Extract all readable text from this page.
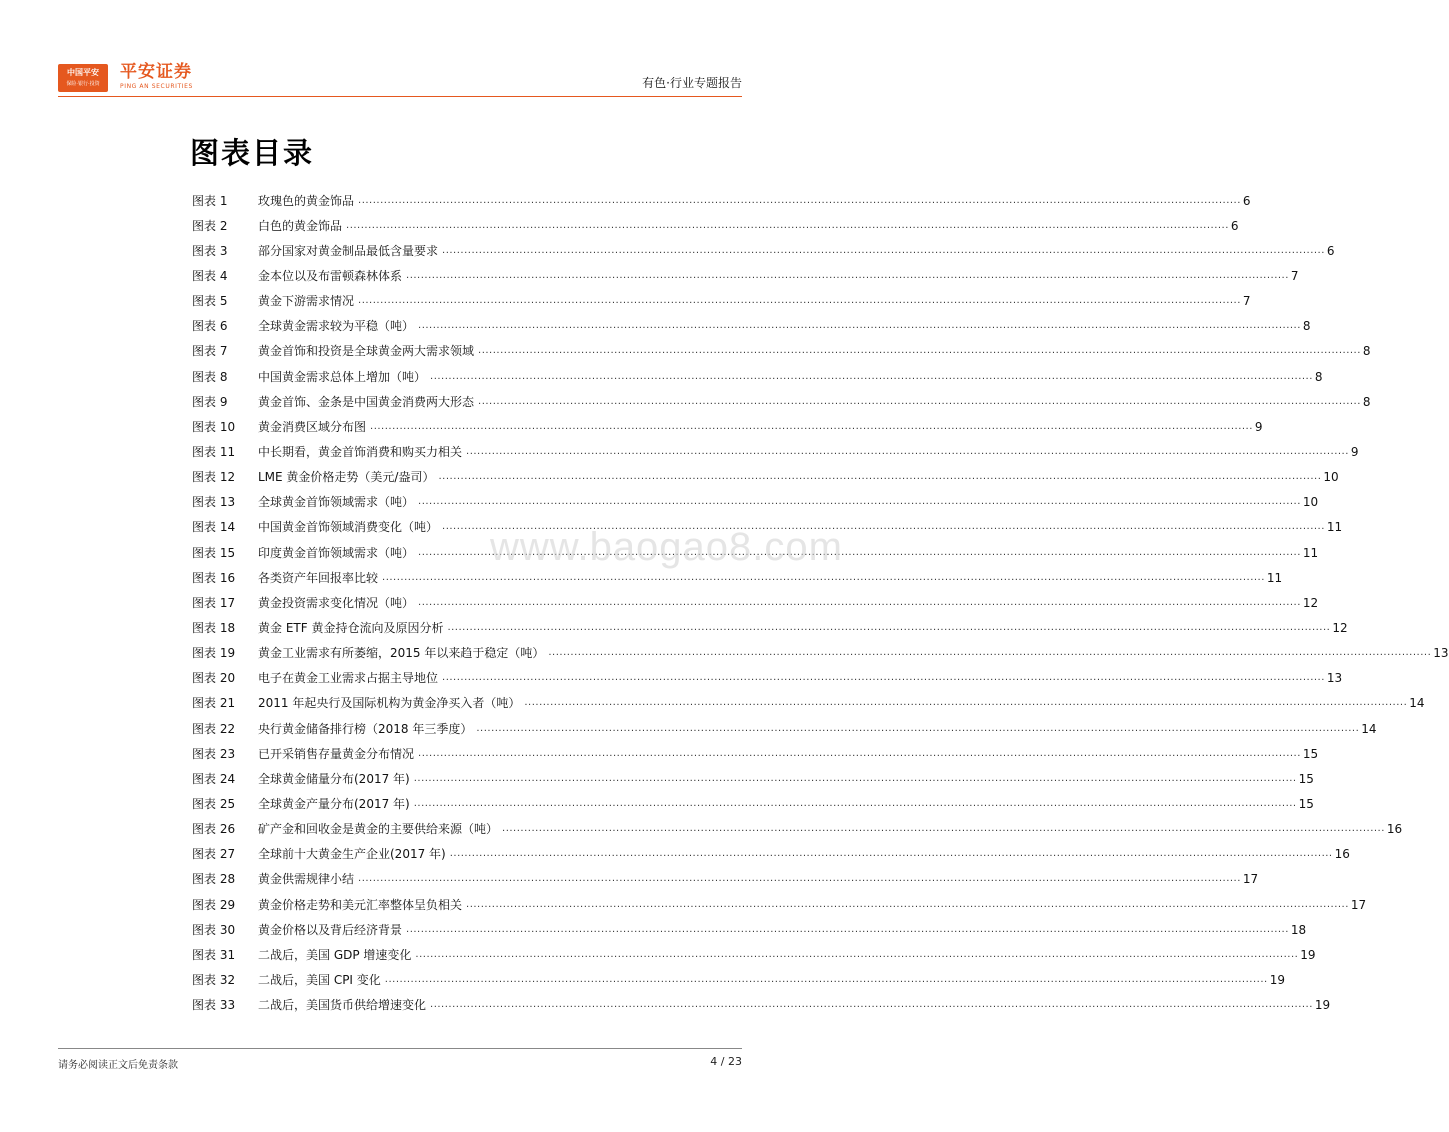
中国平安
保险·银行·投资
平安证券
PING AN SECURITIES	有色·行业专题报告
图表目录
图表 1	玫瑰色的黄金饰品 .....	6
图表 2	白色的黄金饰品 .....	6
图表 3	部分国家对黄金制品最低含量要求 .....	6
图表 4	金本位以及布雷顿森林体系 .....	7
图表 5	黄金下游需求情况 .....	7
图表 6	全球黄金需求较为平稳（吨） .....	8
图表 7	黄金首饰和投资是全球黄金两大需求领域 .....	8
图表 8	中国黄金需求总体上增加（吨） .....	8
图表 9	黄金首饰、金条是中国黄金消费两大形态 .....	8
图表 10	黄金消费区域分布图 .....	9
图表 11	中长期看，黄金首饰消费和购买力相关 .....	9
图表 12	LME 黄金价格走势（美元/盎司） .....	10
图表 13	全球黄金首饰领域需求（吨） .....	10
图表 14	中国黄金首饰领域消费变化（吨） .....	11
图表 15	印度黄金首饰领域需求（吨） .....	11
图表 16	各类资产年回报率比较 .....	11
图表 17	黄金投资需求变化情况（吨） .....	12
图表 18	黄金 ETF 黄金持仓流向及原因分析 .....	12
图表 19	黄金工业需求有所萎缩，2015 年以来趋于稳定（吨） .....	13
图表 20	电子在黄金工业需求占据主导地位 .....	13
图表 21	2011 年起央行及国际机构为黄金净买入者（吨） .....	14
图表 22	央行黄金储备排行榜（2018 年三季度） .....	14
图表 23	已开采销售存量黄金分布情况 .....	15
图表 24	全球黄金储量分布(2017 年) .....	15
图表 25	全球黄金产量分布(2017 年) .....	15
图表 26	矿产金和回收金是黄金的主要供给来源（吨） .....	16
图表 27	全球前十大黄金生产企业(2017 年) .....	16
图表 28	黄金供需规律小结 .....	17
图表 29	黄金价格走势和美元汇率整体呈负相关 .....	17
图表 30	黄金价格以及背后经济背景 .....	18
图表 31	二战后，美国 GDP 增速变化 .....	19
图表 32	二战后，美国 CPI 变化 .....	19
图表 33	二战后，美国货币供给增速变化 .....	19
www.baogao8.com
请务必阅读正文后免责条款	4 / 23
